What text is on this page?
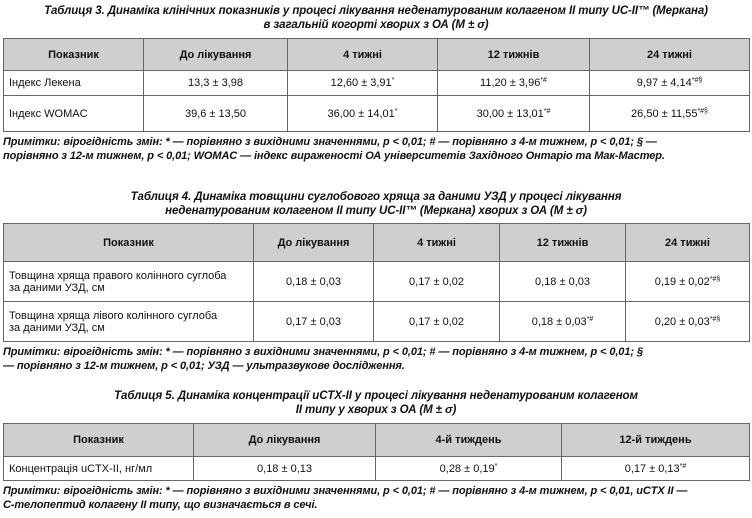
Таблиця 3. Динаміка клінічних показників у процесі лікування неденатурованим колагеном II типу UC-II™ (Меркана)
в загальній когорті хворих з ОА (M ± σ)
Показник	До лікування	4 тижні	12 тижнів	24 тижні
Індекс Лекена	13,3 ± 3,98	12,60 ± 3,91*	11,20 ± 3,96*#	9,97 ± 4,14*#§
Індекс WOMAC	39,6 ± 13,50	36,00 ± 14,01*	30,00 ± 13,01*#	26,50 ± 11,55*#§
Примітки: вірогідність змін: * — порівняно з вихідними значеннями, p < 0,01; # — порівняно з 4-м тижнем, p < 0,01; § —
порівняно з 12-м тижнем, p < 0,01; WOMAC — індекс вираженості ОА університетів Західного Онтаріо та Мак-Мастер.
Таблиця 4. Динаміка товщини суглобового хряща за даними УЗД у процесі лікування
неденатурованим колагеном II типу UC-II™ (Меркана) хворих з ОА (M ± σ)
Показник	До лікування	4 тижні	12 тижнів	24 тижні

Товщина хряща правого колінного суглоба
за даними УЗД, см	0,18 ± 0,03	0,17 ± 0,02	0,18 ± 0,03	0,19 ± 0,02*#§

Товщина хряща лівого колінного суглоба
за даними УЗД, см	0,17 ± 0,03	0,17 ± 0,02	0,18 ± 0,03*#	0,20 ± 0,03*#§
Примітки: вірогідність змін: * — порівняно з вихідними значеннями, p < 0,01; # — порівняно з 4-м тижнем, p < 0,01; §
— порівняно з 12-м тижнем, p < 0,01; УЗД — ультразвукове дослідження.
Таблиця 5. Динаміка концентрації uCTX-II у процесі лікування неденатурованим колагеном
II типу у хворих з ОА (M ± σ)
Показник	До лікування	4-й тиждень	12-й тиждень
Концентрація uCTX-II, нг/мл	0,18 ± 0,13	0,28 ± 0,19*	0,17 ± 0,13*#
Примітки: вірогідність змін: * — порівняно з вихідними значеннями, p < 0,01; # — порівняно з 4-м тижнем, p < 0,01, uCTX II —
С-телопептид колагену II типу, що визначається в сечі.
